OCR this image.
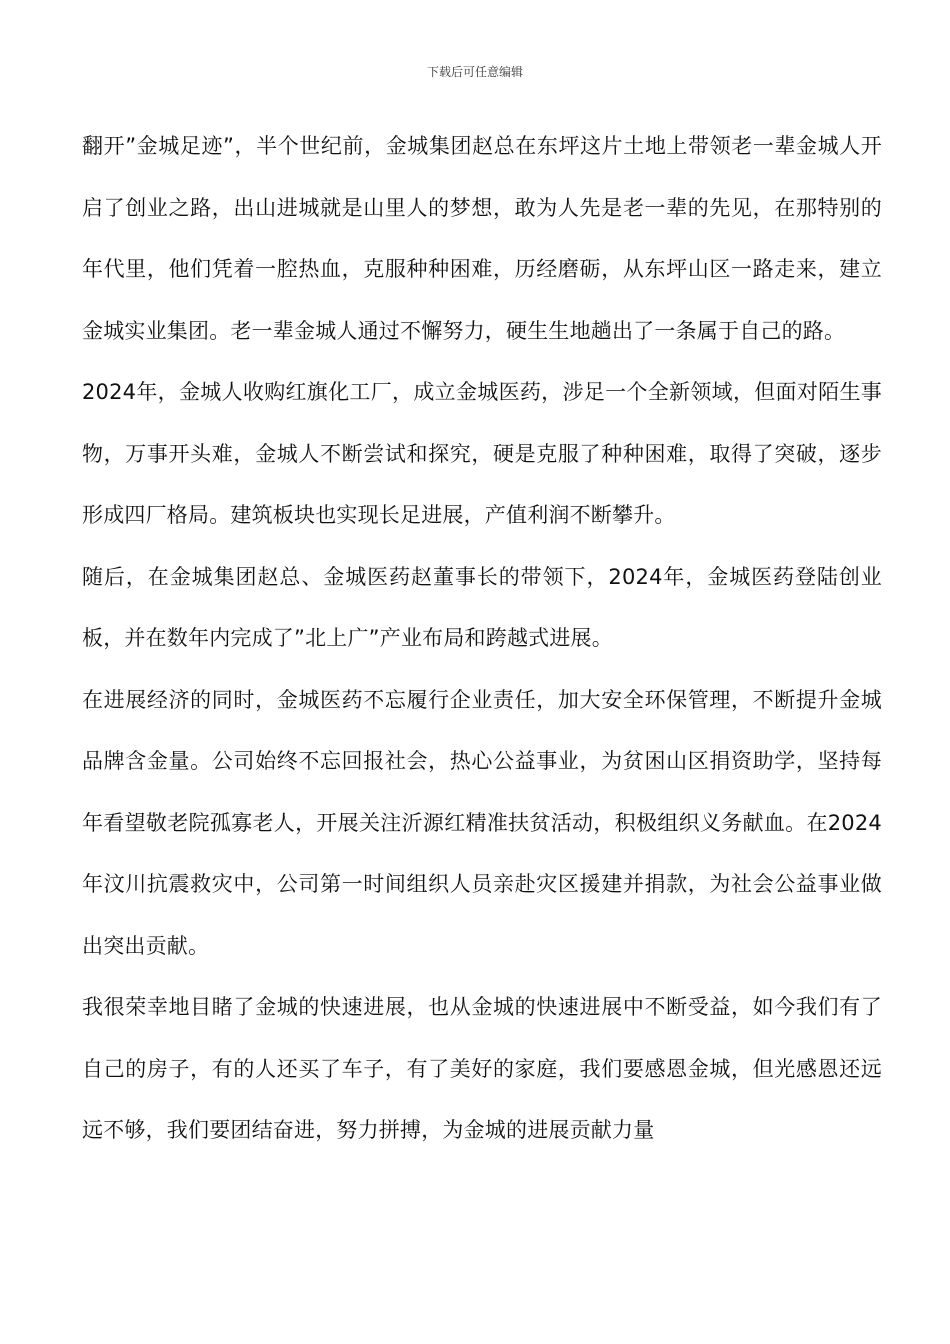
下载后可任意编辑

翻开”金城足迹”，半个世纪前，金城集团赵总在东坪这片土地上带领老一辈金城人开启了创业之路，出山进城就是山里人的梦想，敢为人先是老一辈的先见，在那特别的年代里，他们凭着一腔热血，克服种种困难，历经磨砺，从东坪山区一路走来，建立金城实业集团。老一辈金城人通过不懈努力，硬生生地趟出了一条属于自己的路。

2024年，金城人收购红旗化工厂，成立金城医药，涉足一个全新领域，但面对陌生事物，万事开头难，金城人不断尝试和探究，硬是克服了种种困难，取得了突破，逐步形成四厂格局。建筑板块也实现长足进展，产值利润不断攀升。

随后，在金城集团赵总、金城医药赵董事长的带领下，2024年，金城医药登陆创业板，并在数年内完成了”北上广”产业布局和跨越式进展。

在进展经济的同时，金城医药不忘履行企业责任，加大安全环保管理，不断提升金城品牌含金量。公司始终不忘回报社会，热心公益事业，为贫困山区捐资助学，坚持每年看望敬老院孤寡老人，开展关注沂源红精准扶贫活动，积极组织义务献血。在2024年汶川抗震救灾中，公司第一时间组织人员亲赴灾区援建并捐款，为社会公益事业做出突出贡献。

我很荣幸地目睹了金城的快速进展，也从金城的快速进展中不断受益，如今我们有了自己的房子，有的人还买了车子，有了美好的家庭，我们要感恩金城，但光感恩还远远不够，我们要团结奋进，努力拼搏，为金城的进展贡献力量
